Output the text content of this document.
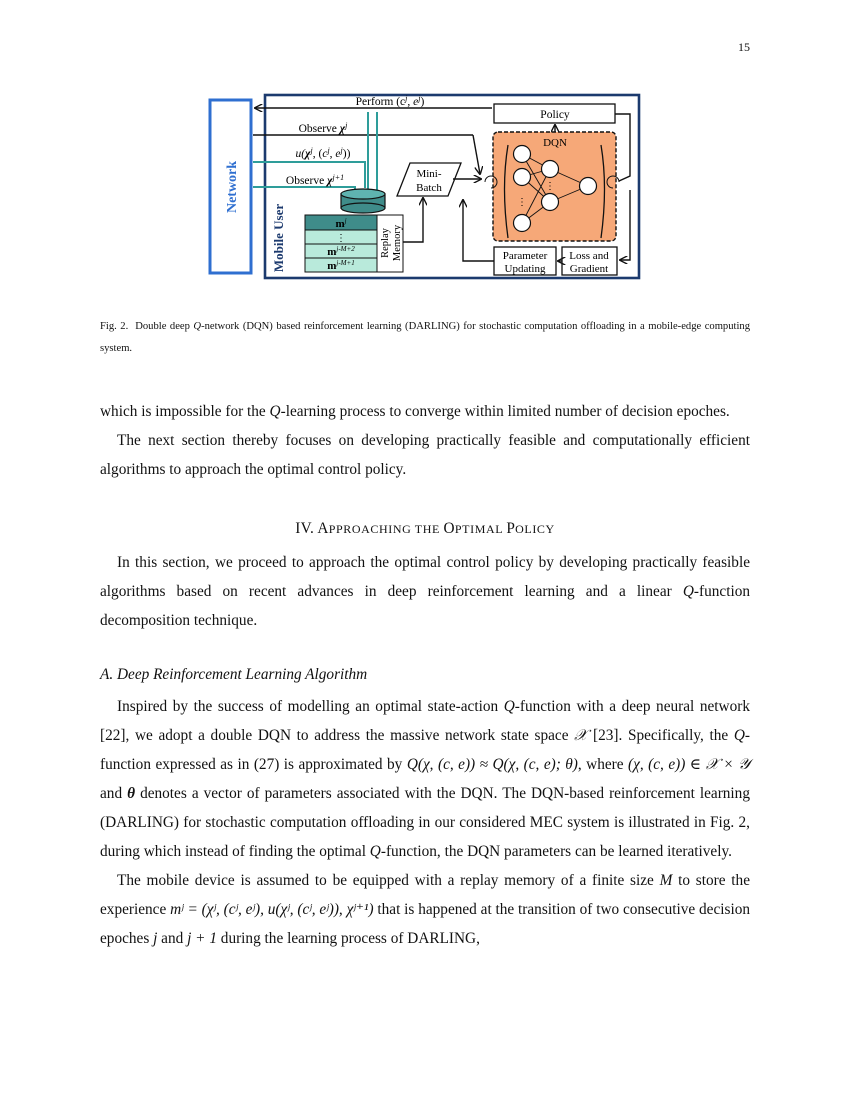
15
Network
Mobile User
Perform ($c^j$, $e^j$)
Policy
Observe $\chi^j$
$u(\chi^j$, ($c^j$, $e^j$))
Observe $\chi^{j+1}$
$m^j$
⋮
$m^{j-M+2}$
$m^{j-M+1}$
Replay Memory
Mini-
Batch
DQN
⋮
⋮
Parameter
Updating
Loss and
Gradient
Fig. 2. Double deep Q-network (DQN) based reinforcement learning (DARLING) for stochastic computation offloading in a mobile-edge computing system.

which is impossible for the Q-learning process to converge within limited number of decision epoches.

The next section thereby focuses on developing practically feasible and computationally efficient algorithms to approach the optimal control policy.

IV. APPROACHING THE OPTIMAL POLICY

In this section, we proceed to approach the optimal control policy by developing practically feasible algorithms based on recent advances in deep reinforcement learning and a linear Q-function decomposition technique.

A. Deep Reinforcement Learning Algorithm

Inspired by the success of modelling an optimal state-action Q-function with a deep neural network [22], we adopt a double DQN to address the massive network state space 𝒳 [23]. Specifically, the Q-function expressed as in (27) is approximated by Q(χ, (c, e)) ≈ Q(χ, (c, e); θ), where (χ, (c, e)) ∈ 𝒳 × 𝒴 and θ denotes a vector of parameters associated with the DQN. The DQN-based reinforcement learning (DARLING) for stochastic computation offloading in our considered MEC system is illustrated in Fig. 2, during which instead of finding the optimal Q-function, the DQN parameters can be learned iteratively.

The mobile device is assumed to be equipped with a replay memory of a finite size M to store the experience mʲ = (χʲ, (cʲ, eʲ), u(χʲ, (cʲ, eʲ)), χʲ⁺¹) that is happened at the transition of two consecutive decision epoches j and j + 1 during the learning process of DARLING,
